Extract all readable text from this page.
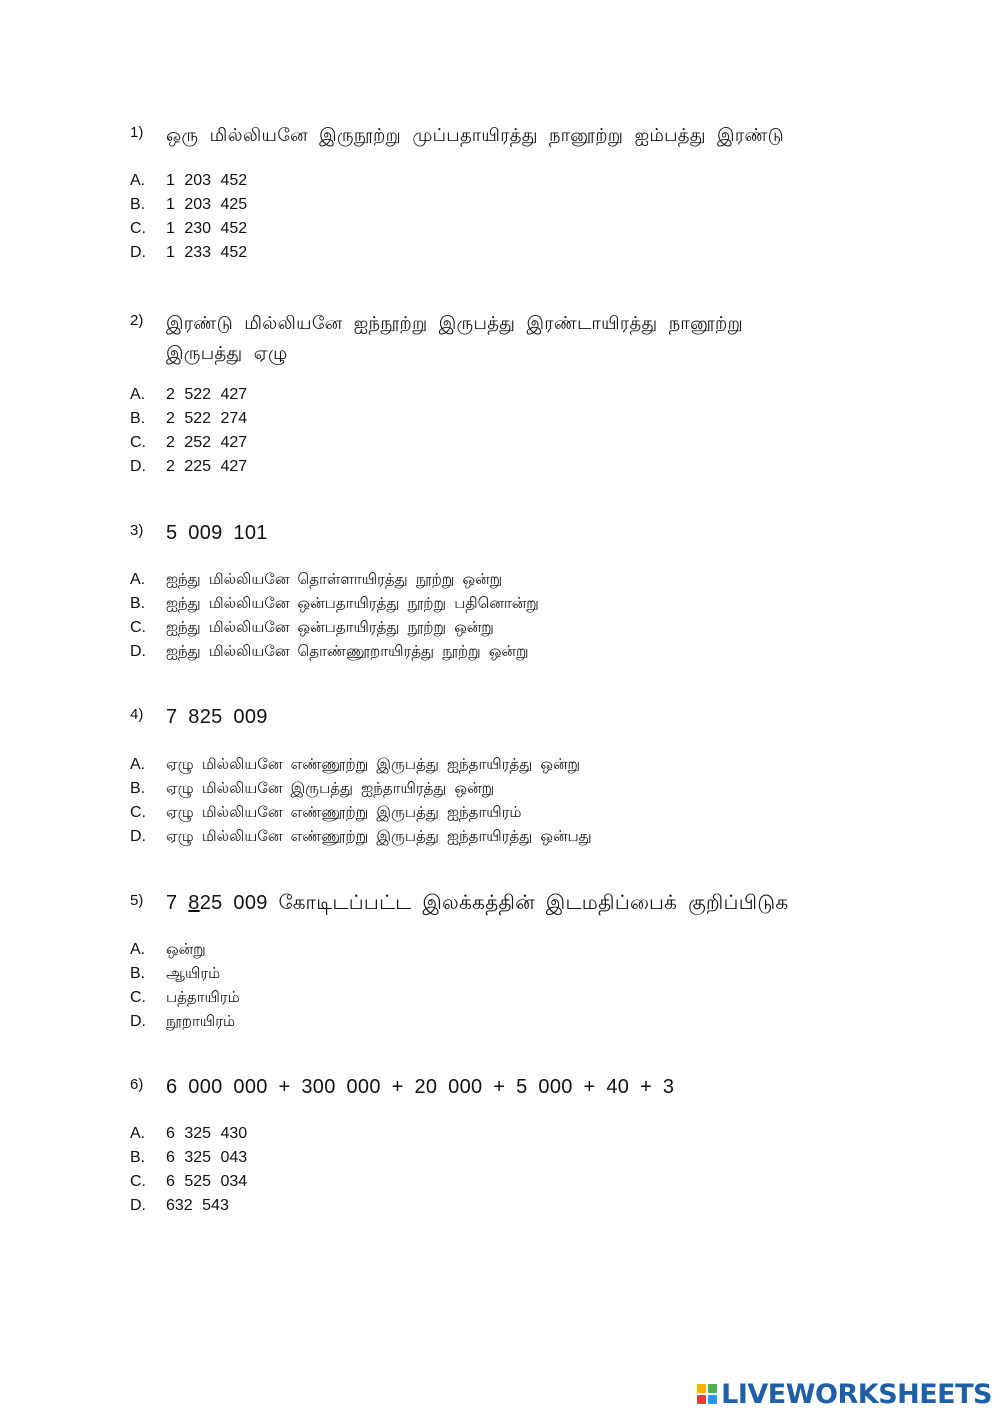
1) ஒரு மில்லியனே இருநூற்று முப்பதாயிரத்து நானூற்று ஐம்பத்து இரண்டு
A. 1 203 452
B. 1 203 425
C. 1 230 452
D. 1 233 452
2) இரண்டு மில்லியனே ஐந்நூற்று இருபத்து இரண்டாயிரத்து நானூற்று
இருபத்து ஏழு
A. 2 522 427
B. 2 522 274
C. 2 252 427
D. 2 225 427
3) 5 009 101
A. ஐந்து மில்லியனே தொள்ளாயிரத்து நூற்று ஒன்று
B. ஐந்து மில்லியனே ஒன்பதாயிரத்து நூற்று பதினொன்று
C. ஐந்து மில்லியனே ஒன்பதாயிரத்து நூற்று ஒன்று
D. ஐந்து மில்லியனே தொண்ணூறாயிரத்து நூற்று ஒன்று
4) 7 825 009
A. ஏழு மில்லியனே எண்ணூற்று இருபத்து ஐந்தாயிரத்து ஒன்று
B. ஏழு மில்லியனே இருபத்து ஐந்தாயிரத்து ஒன்று
C. ஏழு மில்லியனே எண்ணூற்று இருபத்து ஐந்தாயிரம்
D. ஏழு மில்லியனே எண்ணூற்று இருபத்து ஐந்தாயிரத்து ஒன்பது
5) 7 825 009 கோடிடப்பட்ட இலக்கத்தின் இடமதிப்பைக் குறிப்பிடுக
A. ஒன்று
B. ஆயிரம்
C. பத்தாயிரம்
D. நூறாயிரம்
6) 6 000 000 + 300 000 + 20 000 + 5 000 + 40 + 3
A. 6 325 430
B. 6 325 043
C. 6 525 034
D. 632 543
LIVEWORKSHEETS
